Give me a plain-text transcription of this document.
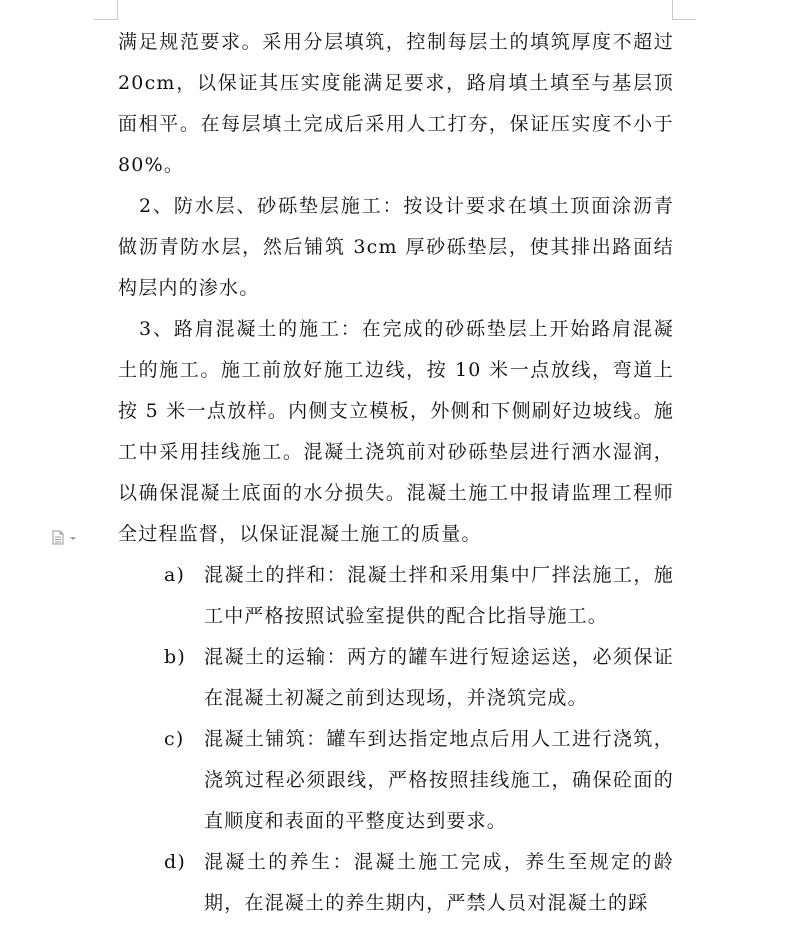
满足规范要求。采用分层填筑，控制每层土的填筑厚度不超过 20cm，以保证其压实度能满足要求，路肩填土填至与基层顶面相平。在每层填土完成后采用人工打夯，保证压实度不小于 80%。

2、防水层、砂砾垫层施工：按设计要求在填土顶面涂沥青做沥青防水层，然后铺筑 3cm 厚砂砾垫层，使其排出路面结构层内的渗水。

3、路肩混凝土的施工：在完成的砂砾垫层上开始路肩混凝土的施工。施工前放好施工边线，按 10 米一点放线，弯道上按 5 米一点放样。内侧支立模板，外侧和下侧刷好边坡线。施工中采用挂线施工。混凝土浇筑前对砂砾垫层进行洒水湿润，以确保混凝土底面的水分损失。混凝土施工中报请监理工程师全过程监督，以保证混凝土施工的质量。

a) 混凝土的拌和：混凝土拌和采用集中厂拌法施工，施工中严格按照试验室提供的配合比指导施工。
b) 混凝土的运输：两方的罐车进行短途运送，必须保证在混凝土初凝之前到达现场，并浇筑完成。
c) 混凝土铺筑：罐车到达指定地点后用人工进行浇筑，浇筑过程必须跟线，严格按照挂线施工，确保砼面的直顺度和表面的平整度达到要求。
d) 混凝土的养生：混凝土施工完成，养生至规定的龄期，在混凝土的养生期内，严禁人员对混凝土的踩
